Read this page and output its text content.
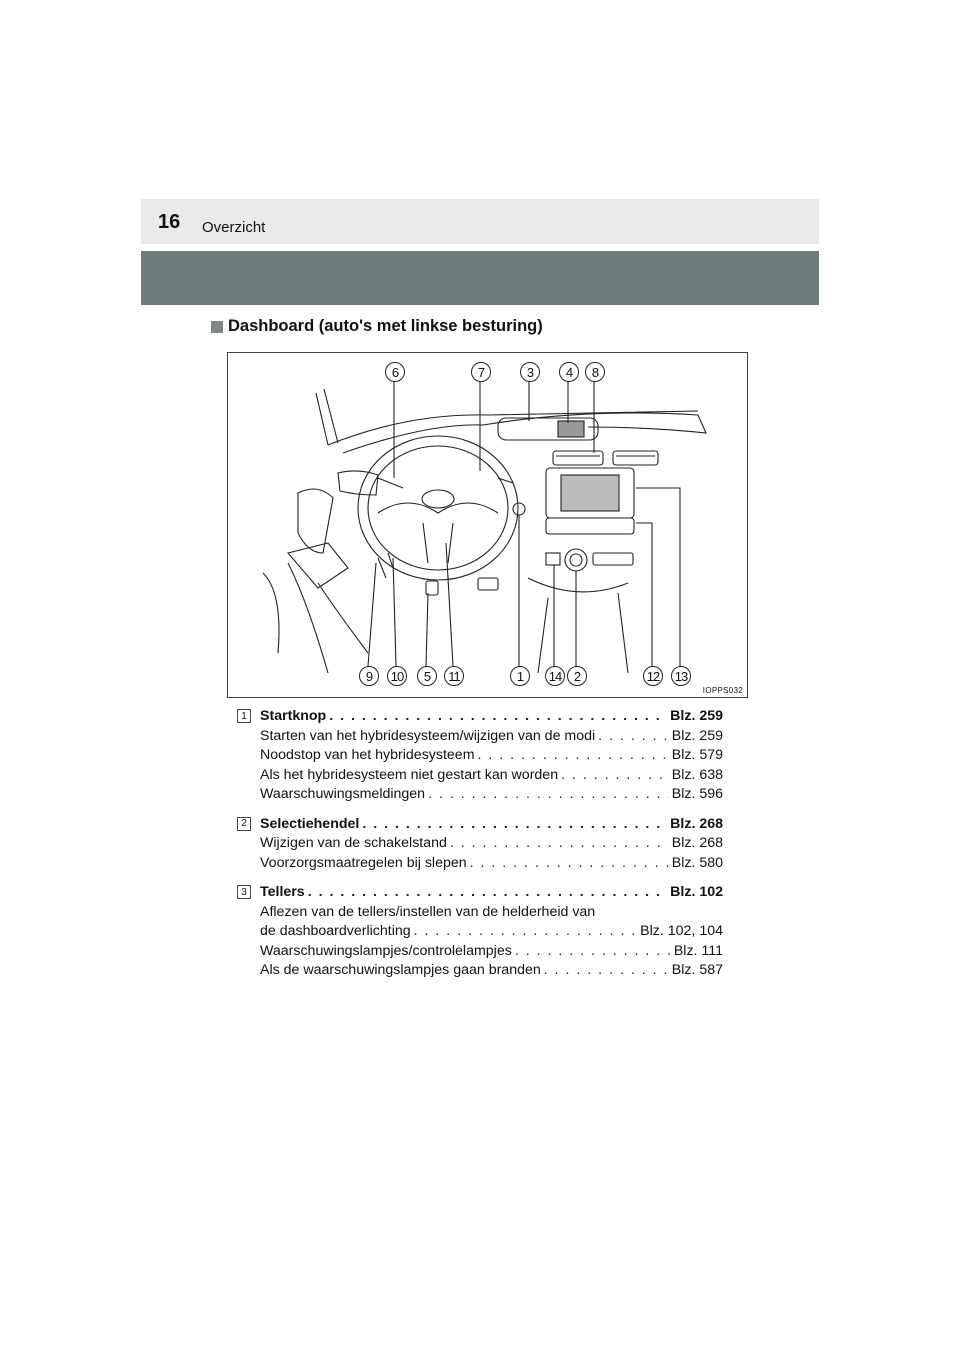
16 Overzicht
Dashboard (auto's met linkse besturing)
6	7	3	4	8
9	10	5	11	1	14 2	12 13
IOPPS032
1 Startknop . . .	Blz. 259
Starten van het hybridesysteem/wijzigen van de modi . . .	Blz. 259
Noodstop van het hybridesysteem . . .	Blz. 579
Als het hybridesysteem niet gestart kan worden . . .	Blz. 638
Waarschuwingsmeldingen . . .	Blz. 596
2 Selectiehendel . . .	Blz. 268
Wijzigen van de schakelstand . . .	Blz. 268
Voorzorgsmaatregelen bij slepen . . .	Blz. 580
3 Tellers . . .	Blz. 102
Aflezen van de tellers/instellen van de helderheid van
de dashboardverlichting . . .	Blz. 102, 104
Waarschuwingslampjes/controlelampjes . . .	Blz. 111
Als de waarschuwingslampjes gaan branden . . .	Blz. 587
